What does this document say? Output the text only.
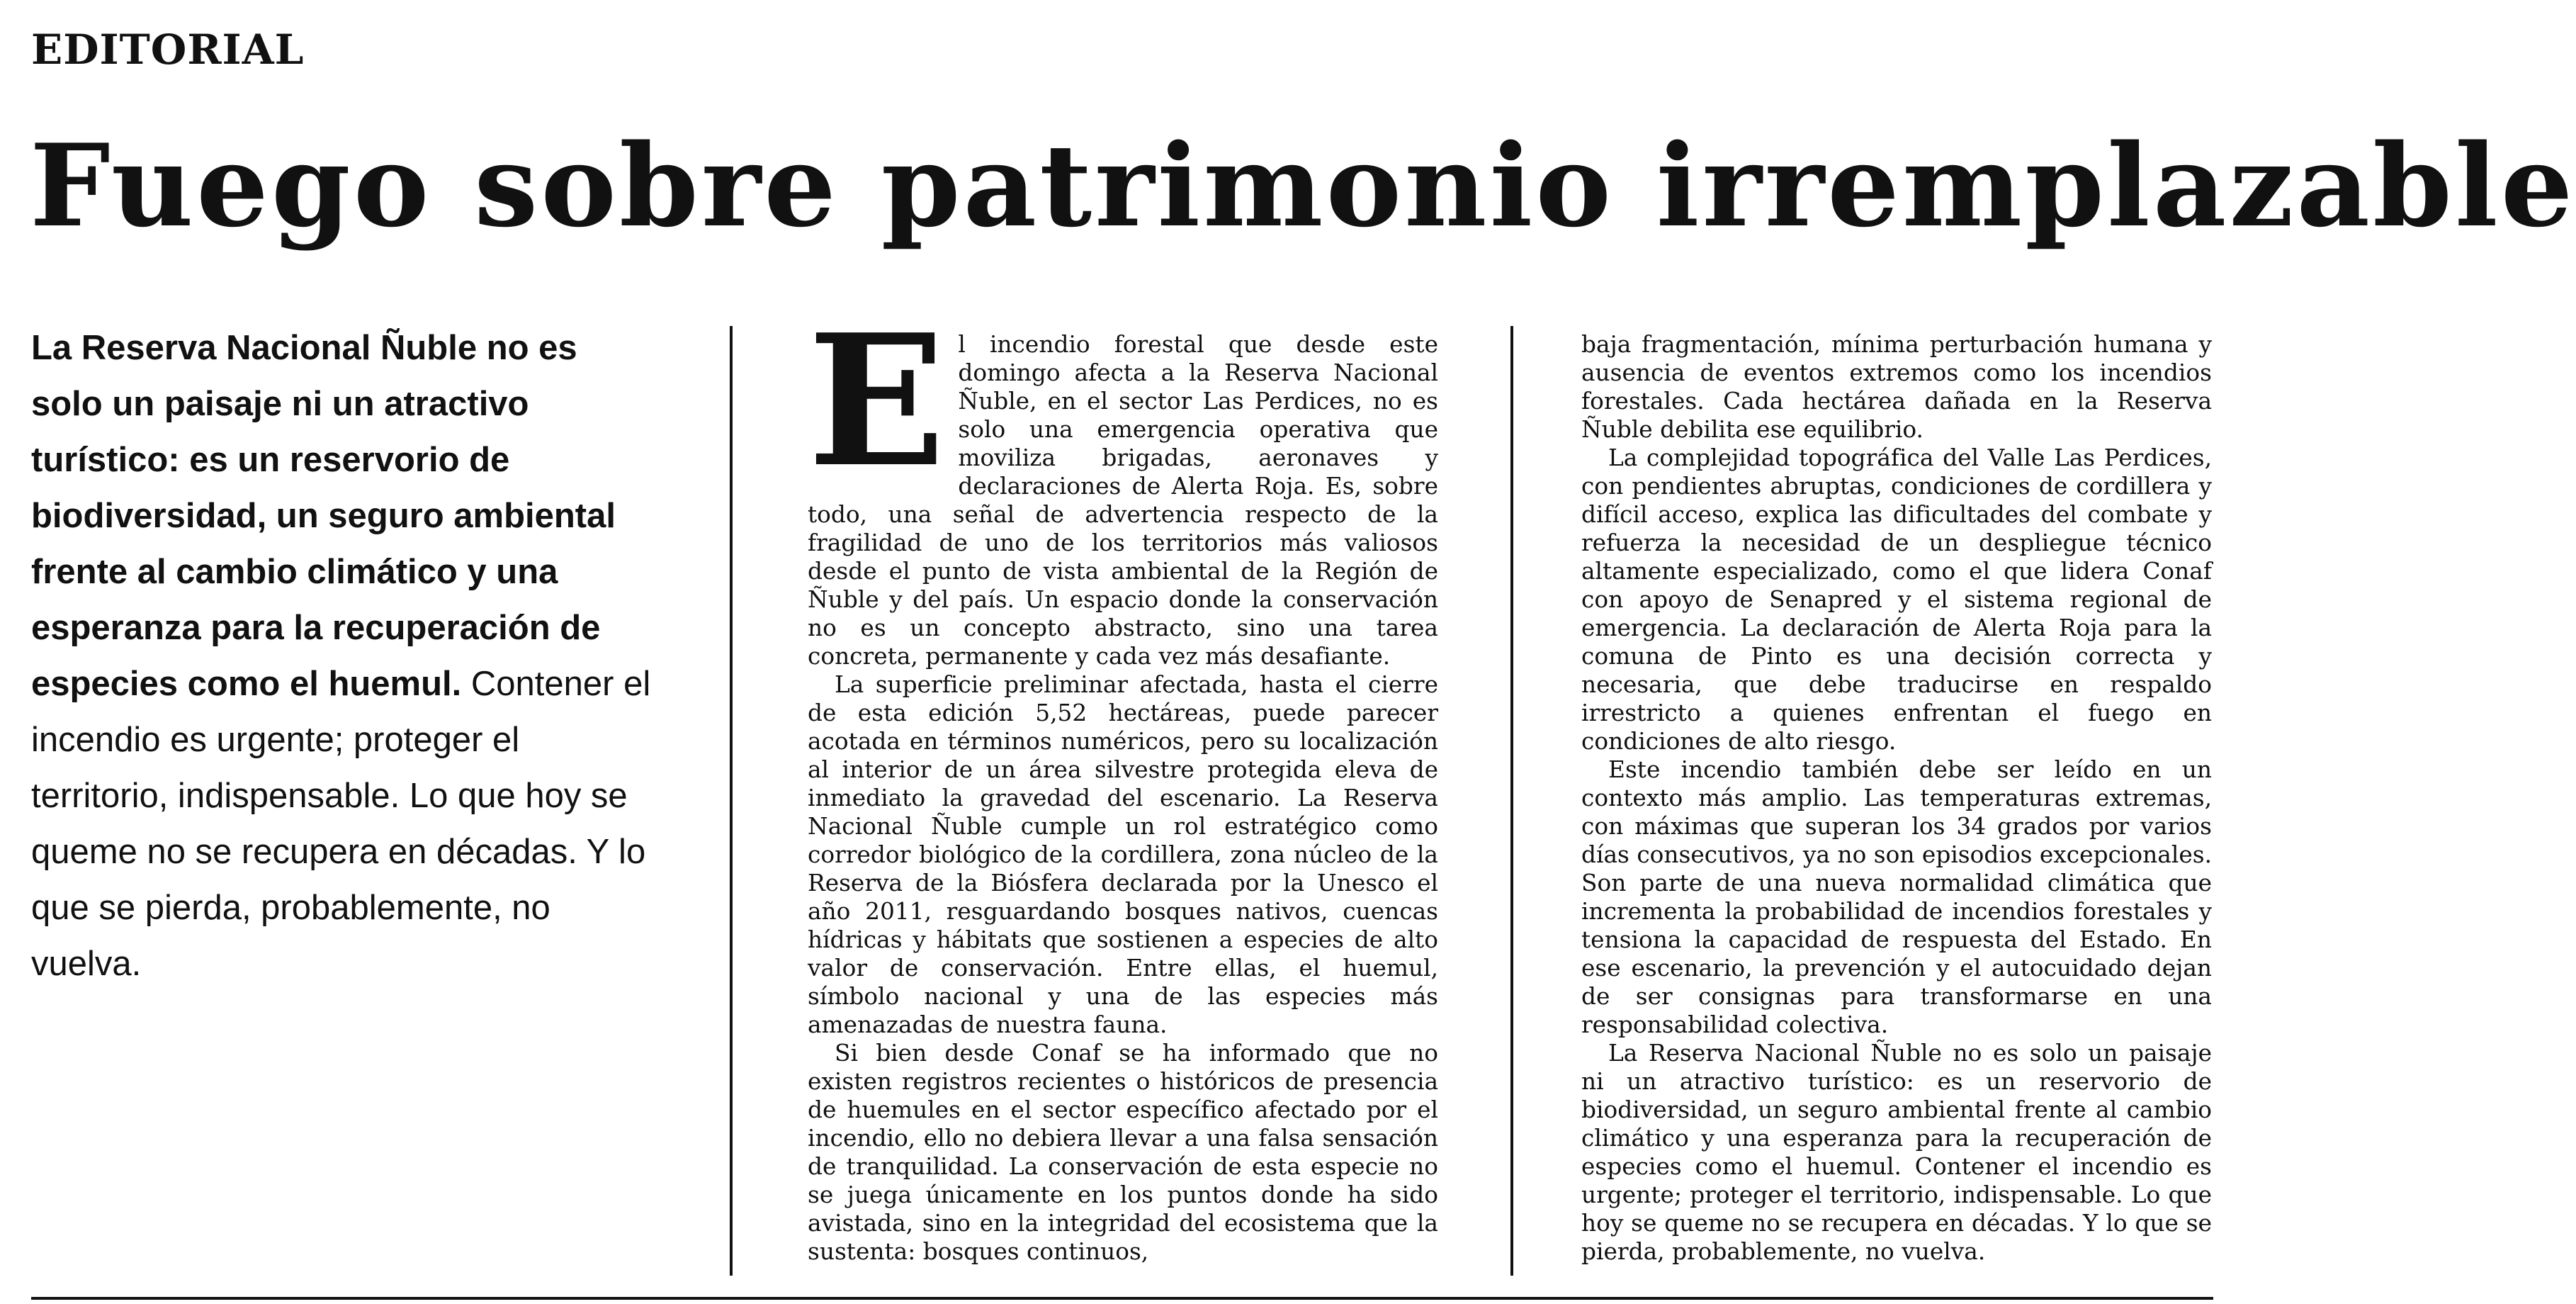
EDITORIAL
Fuego sobre patrimonio irremplazable
La Reserva Nacional Ñuble no es solo un paisaje ni un atractivo turístico: es un reservorio de biodiversidad, un seguro ambiental frente al cambio climático y una esperanza para la recuperación de especies como el huemul. Contener el incendio es urgente; proteger el territorio, indispensable. Lo que hoy se queme no se recupera en décadas. Y lo que se pierda, probablemente, no vuelva.

El incendio forestal que desde este domingo afecta a la Reserva Nacional Ñuble, en el sector Las Perdices, no es solo una emergencia operativa que moviliza brigadas, aeronaves y declaraciones de Alerta Roja. Es, sobre todo, una señal de advertencia respecto de la fragilidad de uno de los territorios más valiosos desde el punto de vista ambiental de la Región de Ñuble y del país. Un espacio donde la conservación no es un concepto abstracto, sino una tarea concreta, permanente y cada vez más desafiante.

La superficie preliminar afectada, hasta el cierre de esta edición 5,52 hectáreas, puede parecer acotada en términos numéricos, pero su localización al interior de un área silvestre protegida eleva de inmediato la gravedad del escenario. La Reserva Nacional Ñuble cumple un rol estratégico como corredor biológico de la cordillera, zona núcleo de la Reserva de la Biósfera declarada por la Unesco el año 2011, resguardando bosques nativos, cuencas hídricas y hábitats que sostienen a especies de alto valor de conservación. Entre ellas, el huemul, símbolo nacional y una de las especies más amenazadas de nuestra fauna.

Si bien desde Conaf se ha informado que no existen registros recientes o históricos de presencia de huemules en el sector específico afectado por el incendio, ello no debiera llevar a una falsa sensación de tranquilidad. La conservación de esta especie no se juega únicamente en los puntos donde ha sido avistada, sino en la integridad del ecosistema que la sustenta: bosques continuos,

baja fragmentación, mínima perturbación humana y ausencia de eventos extremos como los incendios forestales. Cada hectárea dañada en la Reserva Ñuble debilita ese equilibrio.

La complejidad topográfica del Valle Las Perdices, con pendientes abruptas, condiciones de cordillera y difícil acceso, explica las dificultades del combate y refuerza la necesidad de un despliegue técnico altamente especializado, como el que lidera Conaf con apoyo de Senapred y el sistema regional de emergencia. La declaración de Alerta Roja para la comuna de Pinto es una decisión correcta y necesaria, que debe traducirse en respaldo irrestricto a quienes enfrentan el fuego en condiciones de alto riesgo.

Este incendio también debe ser leído en un contexto más amplio. Las temperaturas extremas, con máximas que superan los 34 grados por varios días consecutivos, ya no son episodios excepcionales. Son parte de una nueva normalidad climática que incrementa la probabilidad de incendios forestales y tensiona la capacidad de respuesta del Estado. En ese escenario, la prevención y el autocuidado dejan de ser consignas para transformarse en una responsabilidad colectiva.

La Reserva Nacional Ñuble no es solo un paisaje ni un atractivo turístico: es un reservorio de biodiversidad, un seguro ambiental frente al cambio climático y una esperanza para la recuperación de especies como el huemul. Contener el incendio es urgente; proteger el territorio, indispensable. Lo que hoy se queme no se recupera en décadas. Y lo que se pierda, probablemente, no vuelva.
